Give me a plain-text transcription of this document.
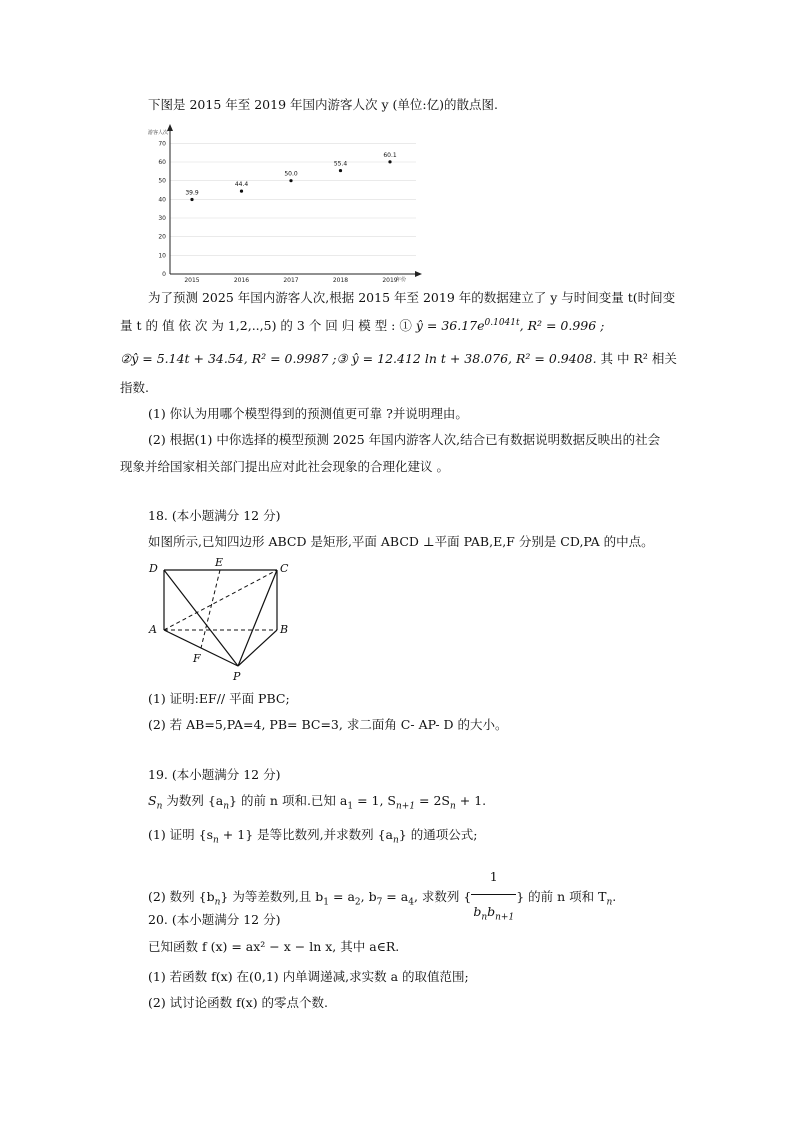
下图是 2015 年至 2019 年国内游客人次 y (单位:亿)的散点图.
游客人次
年份
0
10
20
30
40
50
60
70
2015	2016	2017	2018	2019
39.9
44.4
50.0
55.4
60.1
为了预测 2025 年国内游客人次,根据 2015 年至 2019 年的数据建立了 y 与时间变量 t(时间变
量 t 的 值 依 次 为 1,2,..,5) 的 3 个 回 归 模 型 : ① ŷ = $36.17e^{0.1041t}$, R² = 0.996 ;
②ŷ = 5.14t + 34.54, R² = 0.9987 ;③ ŷ = 12.412 ln t + 38.076, R² = 0.9408. 其 中 R² 相关
指数.
(1) 你认为用哪个模型得到的预测值更可靠 ?并说明理由。
(2) 根据(1) 中你选择的模型预测 2025 年国内游客人次,结合已有数据说明数据反映出的社会
现象并给国家相关部门提出应对此社会现象的合理化建议 。
18. (本小题满分 12 分)
如图所示,已知四边形 ABCD 是矩形,平面 ABCD ⊥平面 PAB,E,F 分别是 CD,PA 的中点。
D	E	C
A	B
F
P
(1) 证明:EF// 平面 PBC;
(2) 若 AB=5,PA=4, PB= BC=3, 求二面角 C- AP- D 的大小。
19. (本小题满分 12 分)
$S_n$ 为数列 $\{a_n\}$ 的前 n 项和.已知 $a_1 = 1$, $S_{n+1} = 2S_n + 1$.
(1) 证明 $\{s_n + 1\}$ 是等比数列,并求数列 $\{a_n\}$ 的通项公式;
(2) 数列 $\{b_n\}$ 为等差数列,且 $b_1 = a_2$, $b_7 = a_4$, 求数列 { $\frac{1}{b_nb_{n+1}}$ } 的前 n 项和 $T_n$.
20. (本小题满分 12 分)
已知函数 f (x) = ax² − x − ln x, 其中 a∈R.
(1) 若函数 f(x) 在(0,1) 内单调递减,求实数 a 的取值范围;
(2) 试讨论函数 f(x) 的零点个数.
